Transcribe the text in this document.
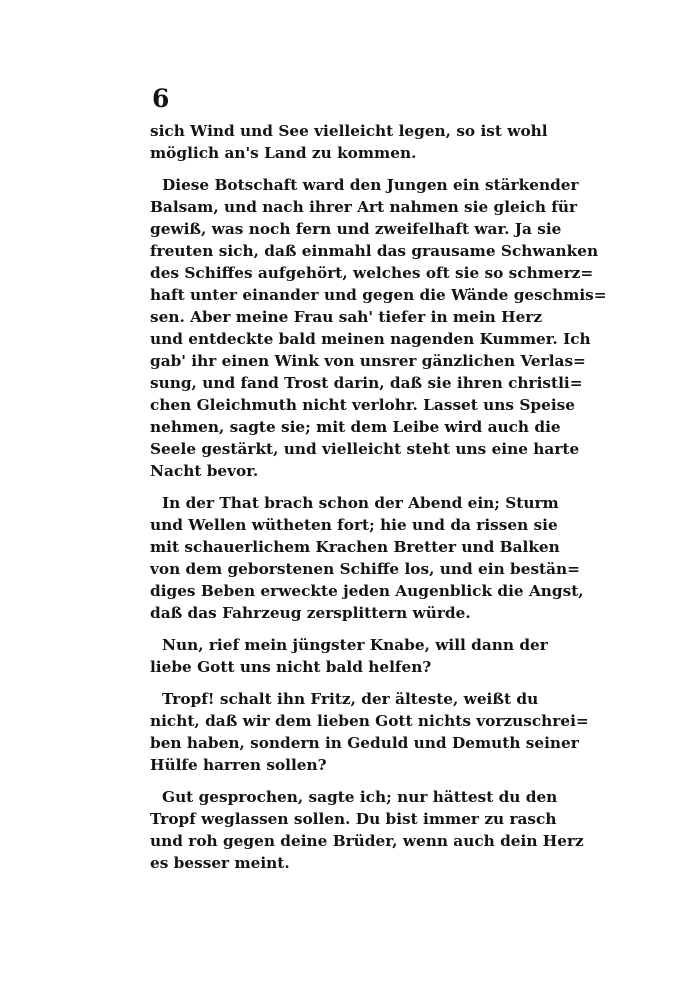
6
sich Wind und See vielleicht legen, so ist wohl
möglich an's Land zu kommen.
Diese Botschaft ward den Jungen ein stärkender
Balsam, und nach ihrer Art nahmen sie gleich für
gewiß, was noch fern und zweifelhaft war. Ja sie
freuten sich, daß einmahl das grausame Schwanken
des Schiffes aufgehört, welches oft sie so schmerz=
haft unter einander und gegen die Wände geschmis=
sen. Aber meine Frau sah' tiefer in mein Herz
und entdeckte bald meinen nagenden Kummer. Ich
gab' ihr einen Wink von unsrer gänzlichen Verlas=
sung, und fand Trost darin, daß sie ihren christli=
chen Gleichmuth nicht verlohr. Lasset uns Speise
nehmen, sagte sie; mit dem Leibe wird auch die
Seele gestärkt, und vielleicht steht uns eine harte
Nacht bevor.
In der That brach schon der Abend ein; Sturm
und Wellen wütheten fort; hie und da rissen sie
mit schauerlichem Krachen Bretter und Balken
von dem geborstenen Schiffe los, und ein bestän=
diges Beben erweckte jeden Augenblick die Angst,
daß das Fahrzeug zersplittern würde.
Nun, rief mein jüngster Knabe, will dann der
liebe Gott uns nicht bald helfen?
Tropf! schalt ihn Fritz, der älteste, weißt du
nicht, daß wir dem lieben Gott nichts vorzuschrei=
ben haben, sondern in Geduld und Demuth seiner
Hülfe harren sollen?
Gut gesprochen, sagte ich; nur hättest du den
Tropf weglassen sollen. Du bist immer zu rasch
und roh gegen deine Brüder, wenn auch dein Herz
es besser meint.
